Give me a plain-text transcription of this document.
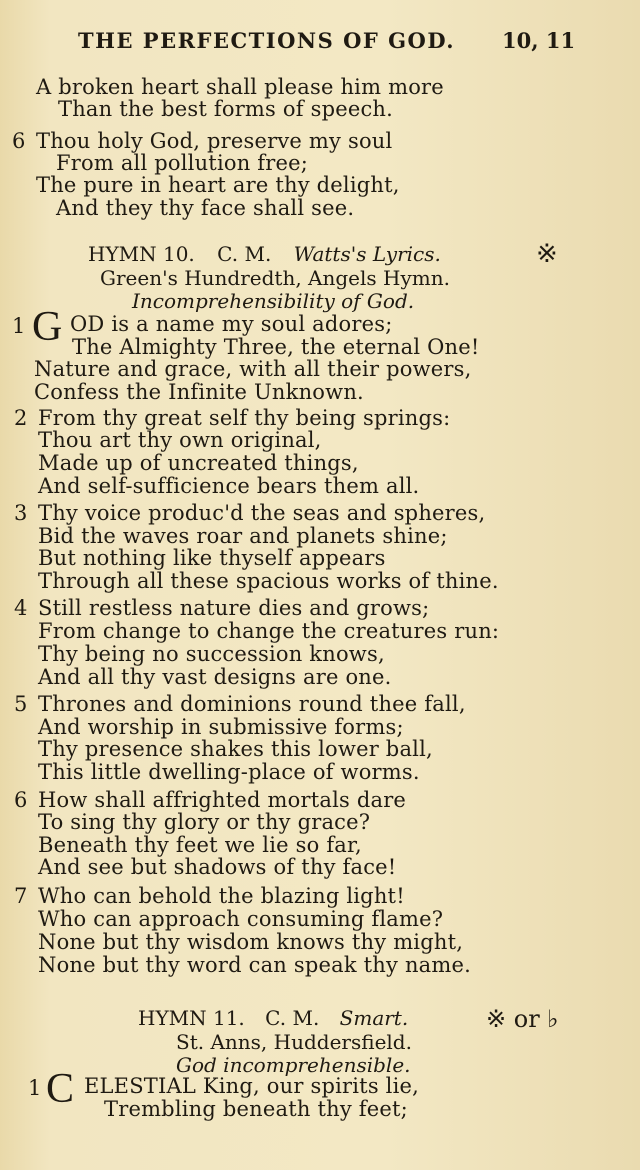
THE PERFECTIONS OF GOD. 10, 11
A broken heart shall please him more
Than the best forms of speech.
6 Thou holy God, preserve my soul
From all pollution free;
The pure in heart are thy delight,
And they thy face shall see.
HYMN 10. C. M. Watts's Lyrics.	※
Green's Hundredth, Angels Hymn.
Incomprehensibility of God.
1 G OD is a name my soul adores;
The Almighty Three, the eternal One!
Nature and grace, with all their powers,
Confess the Infinite Unknown.
2 From thy great self thy being springs:
Thou art thy own original,
Made up of uncreated things,
And self-sufficience bears them all.
3 Thy voice produc'd the seas and spheres,
Bid the waves roar and planets shine;
But nothing like thyself appears
Through all these spacious works of thine.
4 Still restless nature dies and grows;
From change to change the creatures run:
Thy being no succession knows,
And all thy vast designs are one.
5 Thrones and dominions round thee fall,
And worship in submissive forms;
Thy presence shakes this lower ball,
This little dwelling-place of worms.
6 How shall affrighted mortals dare
To sing thy glory or thy grace?
Beneath thy feet we lie so far,
And see but shadows of thy face!
7 Who can behold the blazing light!
Who can approach consuming flame?
None but thy wisdom knows thy might,
None but thy word can speak thy name.
HYMN 11. C. M. Smart.	※ or ♭
St. Anns, Huddersfield.
God incomprehensible.
1 C ELESTIAL King, our spirits lie,
Trembling beneath thy feet;
